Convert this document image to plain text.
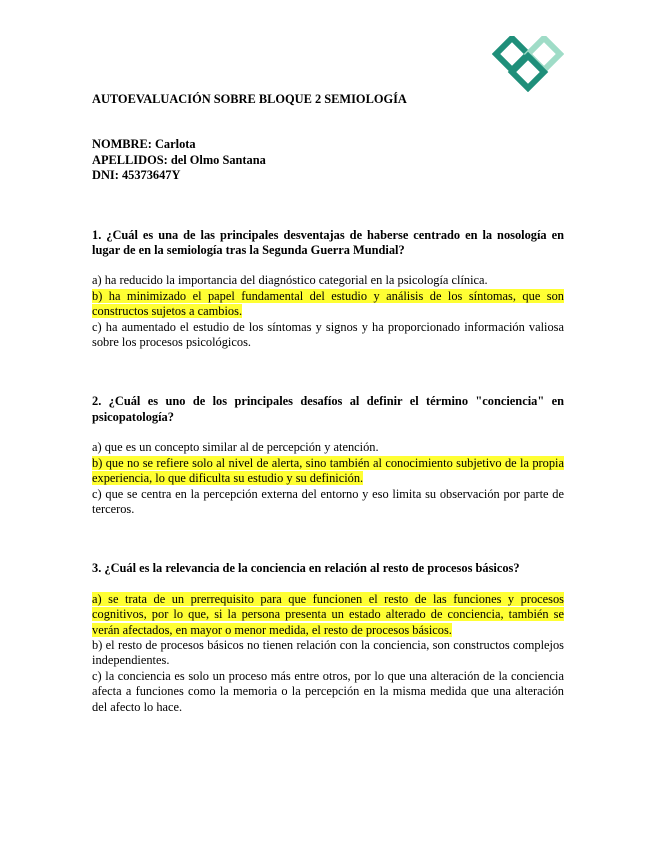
AUTOEVALUACIÓN SOBRE BLOQUE 2 SEMIOLOGÍA
NOMBRE: Carlota
APELLIDOS: del Olmo Santana
DNI: 45373647Y
1. ¿Cuál es una de las principales desventajas de haberse centrado en la nosología en lugar de en la semiología tras la Segunda Guerra Mundial?
a) ha reducido la importancia del diagnóstico categorial en la psicología clínica.
b) ha minimizado el papel fundamental del estudio y análisis de los síntomas, que son constructos sujetos a cambios.
c) ha aumentado el estudio de los síntomas y signos y ha proporcionado información valiosa sobre los procesos psicológicos.
2. ¿Cuál es uno de los principales desafíos al definir el término "conciencia" en psicopatología?
a) que es un concepto similar al de percepción y atención.
b) que no se refiere solo al nivel de alerta, sino también al conocimiento subjetivo de la propia experiencia, lo que dificulta su estudio y su definición.
c) que se centra en la percepción externa del entorno y eso limita su observación por parte de terceros.
3. ¿Cuál es la relevancia de la conciencia en relación al resto de procesos básicos?
a) se trata de un prerrequisito para que funcionen el resto de las funciones y procesos cognitivos, por lo que, si la persona presenta un estado alterado de conciencia, también se verán afectados, en mayor o menor medida, el resto de procesos básicos.
b) el resto de procesos básicos no tienen relación con la conciencia, son constructos complejos independientes.
c) la conciencia es solo un proceso más entre otros, por lo que una alteración de la conciencia afecta a funciones como la memoria o la percepción en la misma medida que una alteración del afecto lo hace.
